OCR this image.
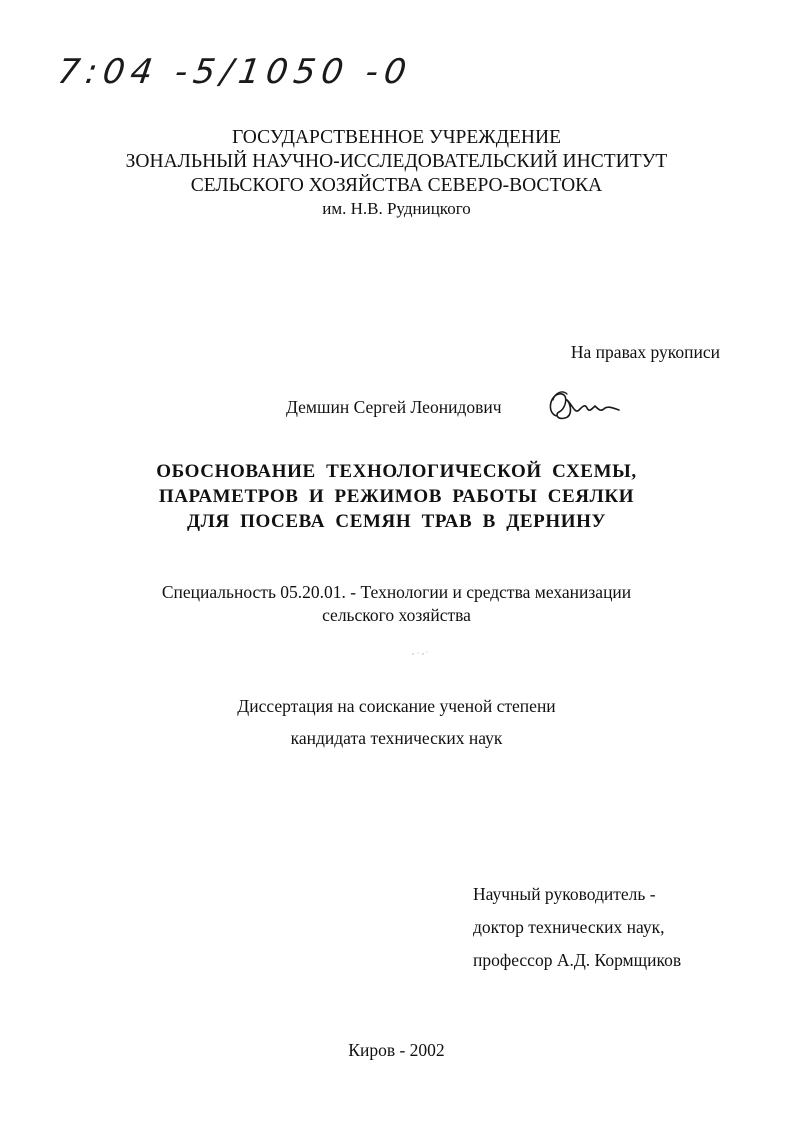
7:04 -5/1050 -0
ГОСУДАРСТВЕННОЕ УЧРЕЖДЕНИЕ
ЗОНАЛЬНЫЙ НАУЧНО-ИССЛЕДОВАТЕЛЬСКИЙ ИНСТИТУТ
СЕЛЬСКОГО ХОЗЯЙСТВА СЕВЕРО-ВОСТОКА
им. Н.В. Рудницкого
На правах рукописи
Демшин Сергей Леонидович
ОБОСНОВАНИЕ ТЕХНОЛОГИЧЕСКОЙ СХЕМЫ,
ПАРАМЕТРОВ И РЕЖИМОВ РАБОТЫ СЕЯЛКИ
ДЛЯ ПОСЕВА СЕМЯН ТРАВ В ДЕРНИНУ
Специальность 05.20.01. - Технологии и средства механизации
сельского хозяйства
Диссертация на соискание ученой степени
кандидата технических наук
Научный руководитель -
доктор технических наук,
профессор А.Д. Кормщиков
Киров - 2002
